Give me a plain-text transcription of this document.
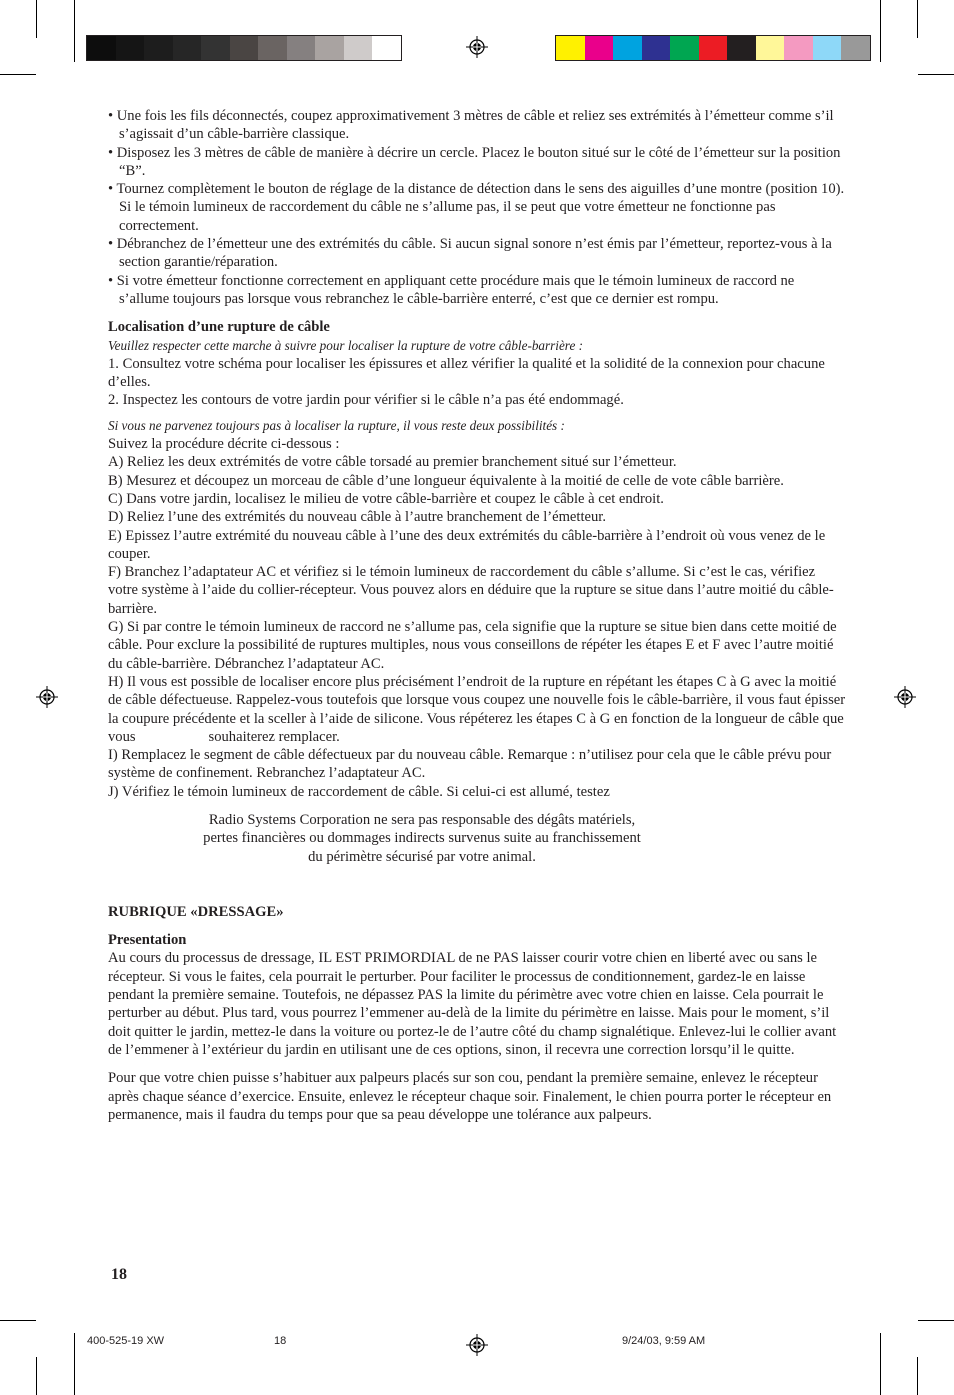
• Une fois les fils déconnectés, coupez approximativement 3 mètres de câble et reliez ses extrémités à l’émetteur comme s’il s’agissait d’un câble-barrière classique.

• Disposez les 3 mètres de câble de manière à décrire un cercle. Placez le bouton situé sur le côté de l’émetteur sur la position “B”.

• Tournez complètement le bouton de réglage de la distance de détection dans le sens des aiguilles d’une montre (position 10). Si le témoin lumineux de raccordement du câble ne s’allume pas, il se peut que votre émetteur ne fonctionne pas correctement.

• Débranchez de l’émetteur une des extrémités du câble. Si aucun signal sonore n’est émis par l’émetteur, reportez-vous à la section garantie/réparation.

• Si votre émetteur fonctionne correctement en appliquant cette procédure mais que le témoin lumineux de raccord ne s’allume toujours pas lorsque vous rebranchez le câble-barrière enterré, c’est que ce dernier est rompu.

Localisation d’une rupture de câble

Veuillez respecter cette marche à suivre pour localiser la rupture de votre câble-barrière :

1. Consultez votre schéma pour localiser les épissures et allez vérifier la qualité et la solidité de la connexion pour chacune d’elles.

2. Inspectez les contours de votre jardin pour vérifier si le câble n’a pas été endommagé.

Si vous ne parvenez toujours pas à localiser la rupture, il vous reste deux possibilités :

Suivez la procédure décrite ci-dessous :

A) Reliez les deux extrémités de votre câble torsadé au premier branchement situé sur l’émetteur.

B) Mesurez et découpez un morceau de câble d’une longueur équivalente à la moitié de celle de vote câble barrière.

C) Dans votre jardin, localisez le milieu de votre câble-barrière et coupez le câble à cet endroit.

D) Reliez l’une des extrémités du nouveau câble à l’autre branchement de l’émetteur.

E) Epissez l’autre extrémité du nouveau câble à l’une des deux extrémités du câble-barrière à l’endroit où vous venez de le couper.

F) Branchez l’adaptateur AC et vérifiez si le témoin lumineux de raccordement du câble s’allume. Si c’est le cas, vérifiez votre système à l’aide du collier-récepteur. Vous pouvez alors en déduire que la rupture se situe dans l’autre moitié du câble-barrière.

G) Si par contre le témoin lumineux de raccord ne s’allume pas, cela signifie que la rupture se situe bien dans cette moitié de câble. Pour exclure la possibilité de ruptures multiples, nous vous conseillons de répéter les étapes E et F avec l’autre moitié du câble-barrière. Débranchez l’adaptateur AC.

H) Il vous est possible de localiser encore plus précisément l’endroit de la rupture en répétant les étapes C à G avec la moitié de câble défectueuse. Rappelez-vous toutefois que lorsque vous coupez une nouvelle fois le câble-barrière, il vous faut épisser la coupure précédente et la sceller à l’aide de silicone. Vous répéterez les étapes C à G en fonction de la longueur de câble que vous                    souhaiterez remplacer.

I) Remplacez le segment de câble défectueux par du nouveau câble. Remarque : n’utilisez pour cela que le câble prévu pour système de confinement. Rebranchez l’adaptateur AC.

J) Vérifiez le témoin lumineux de raccordement de câble. Si celui-ci est allumé, testez

Radio Systems Corporation ne sera pas responsable des dégâts matériels,

pertes financières ou dommages indirects survenus suite au franchissement

du périmètre sécurisé par votre animal.

RUBRIQUE «DRESSAGE»

Presentation

Au cours du processus de dressage, IL EST PRIMORDIAL de ne PAS laisser courir votre chien en liberté avec ou sans le récepteur. Si vous le faites, cela pourrait le perturber. Pour faciliter le processus de conditionnement, gardez-le en laisse pendant la première semaine. Toutefois, ne dépassez PAS la limite du périmètre avec votre chien en laisse. Cela pourrait le perturber au début. Plus tard, vous pourrez l’emmener au-delà de la limite du périmètre en laisse. Mais pour le moment, s’il doit quitter le jardin, mettez-le dans la voiture ou portez-le de l’autre côté du champ signalétique. Enlevez-lui le collier avant de l’emmener à l’extérieur du jardin en utilisant une de ces options, sinon, il recevra une correction lorsqu’il le quitte.

Pour que votre chien puisse s’habituer aux palpeurs placés sur son cou, pendant la première semaine, enlevez le récepteur après chaque séance d’exercice. Ensuite, enlevez le récepteur chaque soir. Finalement, le chien pourra porter le récepteur en permanence, mais il faudra du temps pour que sa peau développe une tolérance aux palpeurs.

18
400-525-19 XW	18	9/24/03, 9:59 AM
